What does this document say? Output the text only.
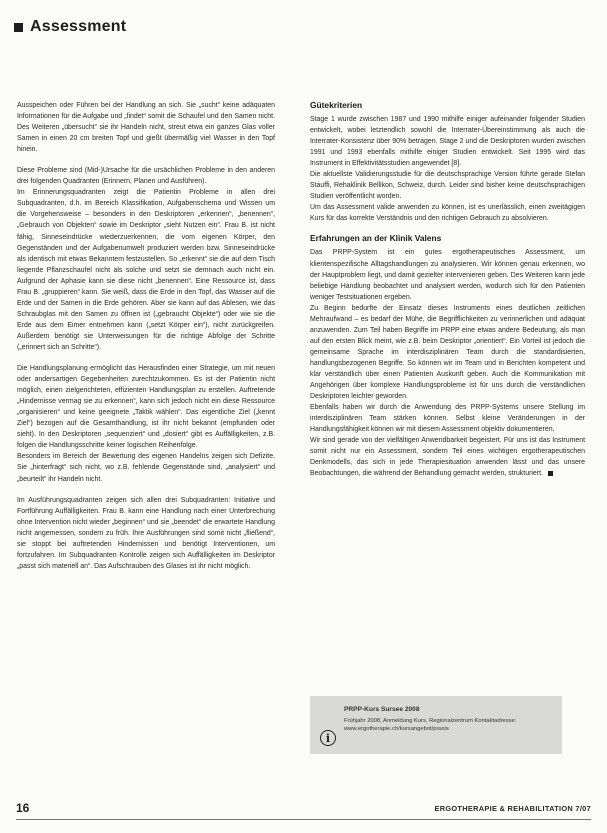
Assessment

Ausspeichen oder Führen bei der Handlung an sich. Sie „sucht“ keine adäquaten Informationen für die Aufgabe und „findet“ somit die Schaufel und den Samen nicht. Des Weiteren „übersucht“ sie ihr Handeln nicht, streut etwa ein ganzes Glas voller Samen in einen 20 cm breiten Topf und gießt übermäßig viel Wasser in den Topf hinein.

Diese Probleme sind (Mid-)Ursache für die ursächlichen Probleme in den anderen drei folgenden Quadranten (Erinnern, Planen und Ausführen).
Im Erinnerungsquadranten zeigt die Patientin Probleme in allen drei Subquadranten, d.h. im Bereich Klassifikation, Aufgabenschema und Wissen um die Vorgehensweise – besonders in den Deskriptoren „erkennen“, „benennen“, „Gebrauch von Objekten“ sowie im Deskriptor „sieht Nutzen ein“. Frau B. ist nicht fähig, Sinneseindrücke wiederzuerkennen, die vom eigenen Körper, den Gegenständen und der Aufgabenumwelt produziert werden bzw. Sinneseindrücke als identisch mit etwas Bekanntem festzustellen. So „erkennt“ sie die auf dem Tisch liegende Pflanzschaufel nicht als solche und setzt sie demnach auch nicht ein. Aufgrund der Aphasie kann sie diese nicht „benennen“. Eine Ressource ist, dass Frau B. „gruppieren“ kann. Sie weiß, dass die Erde in den Topf, das Wasser auf die Erde und der Samen in die Erde gehören. Aber sie kann auf das Ablesen, wie das Schraubglas mit den Samen zu öffnen ist („gebraucht Objekte“) oder wie sie die Erde aus dem Eimer entnehmen kann („setzt Körper ein“), nicht zurückgreifen. Außerdem benötigt sie Unterweisungen für die richtige Abfolge der Schritte („erinnert sich an Schritte“).

Die Handlungsplanung ermöglicht das Herausfinden einer Strategie, um mit neuen oder andersartigen Gegebenheiten zurechtzukommen. Es ist der Patientin nicht möglich, einen zielgerichteten, effizienten Handlungsplan zu erstellen. Auftretende „Hindernisse vermag sie zu erkennen“, kann sich jedoch nicht ein diese Ressource „organisieren“ und keine geeignete „Taktik wählen“. Das eigentliche Ziel („kennt Ziel“) bezogen auf die Gesamthandlung, ist ihr nicht bekannt (empfunden oder sieht). In den Deskriptoren „sequenziert“ und „dosiert“ gibt es Auffälligkeiten, z.B. folgen die Handlungsschritte keiner logischen Reihenfolge.
Besonders im Bereich der Bewertung des eigenen Handelns zeigen sich Defizite. Sie „hinterfragt“ sich nicht, wo z.B. fehlende Gegenstände sind, „analysiert“ und „beurteilt“ ihr Handeln nicht.

Im Ausführungsquadranten zeigen sich allen drei Subquadranten: Initiative und Fortführung Auffälligkeiten. Frau B. kann eine Handlung nach einer Unterbrechung ohne Intervention nicht wieder „beginnen“ und sie „beendet“ die erwartete Handlung nicht angemessen, sondern zu früh. Ihre Ausführungen sind somit nicht „fließend“, sie stoppt bei auftretenden Hindernissen und benötigt Interventionen, um fortzufahren. Im Subquadranten Kontrolle zeigen sich Auffälligkeiten im Deskriptor „passt sich materiell an“. Das Aufschrauben des Glases ist ihr nicht möglich.

Gütekriterien

Stage 1 wurde zwischen 1987 und 1990 mithilfe einiger aufeinander folgender Studien entwickelt, wobei letztendlich sowohl die Interrater-Übereinstimmung als auch die Interrater-Konsistenz über 90% betragen. Stage 2 und die Deskriptoren wurden zwischen 1991 und 1993 ebenfalls mithilfe einiger Studien entwickelt. Seit 1995 wird das Instrument in Effektivitätsstudien angewendet [8].
Die aktuellste Validierungsstudie für die deutschsprachige Version führte gerade Stefan Stauffi, Rehaklinik Bellikon, Schweiz, durch. Leider sind bisher keine deutschsprachigen Studien veröffentlicht worden.
Um das Assessment valide anwenden zu können, ist es unerlässlich, einen zweitägigen Kurs für das korrekte Verständnis und den richtigen Gebrauch zu absolvieren.

Erfahrungen an der Klinik Valens

Das PRPP-System ist ein gutes ergotherapeutisches Assessment, um klientenspezifische Alltagshandlungen zu analysieren. Wir können genau erkennen, wo der Hauptproblem liegt, und damit gezielter intervenieren geben. Des Weiteren kann jede beliebige Handlung beobachtet und analysiert werden, wodurch sich für den Patienten weniger Testsituationen ergeben.
Zu Beginn bedurfte der Einsatz dieses Instruments eines deutlichen zeitlichen Mehraufwand – es bedarf der Mühe, die Begrifflichkeiten zu verinnerlichen und adäquat anzuwenden. Zum Teil haben Begriffe im PRPP eine etwas andere Bedeutung, als man auf den ersten Blick meint, wie z.B. beim Deskriptor „orientiert“. Ein Vorteil ist jedoch die gemeinsame Sprache im interdisziplinären Team durch die standardisierten, handlungsbezogenen Begriffe. So können wir im Team und in Berichten kompetent und klar verständlich über einen Patienten Auskunft geben. Auch die Kommunikation mit Angehörigen über komplexe Handlungsprobleme ist für uns durch die verständlichen Deskriptoren leichter geworden.
Ebenfalls haben wir durch die Anwendung des PRPP-Systems unsere Stellung im interdisziplinären Team stärken können. Selbst kleine Veränderungen in der Handlungsfähigkeit können wir mit diesem Assessment objektiv dokumentieren.
Wir sind gerade von der vielfältigen Anwendbarkeit begeistert. Für uns ist das Instrument somit nicht nur ein Assessment, sondern Teil eines wichtigen ergotherapeutischen Denkmodells, das sich in jede Therapiesituation anwenden lässt und das unsere Beobachtungen, die während der Behandlung gemacht werden, strukturiert.

PRPP-Kurs Sursee 2008
Frühjahr 2008, Anmeldung Kurs, Regionalzentrum Kontaktadresse: www.ergotherapie.ch/kursangebot/praxis
i
16	ERGOTHERAPIE & REHABILITATION 7/07
